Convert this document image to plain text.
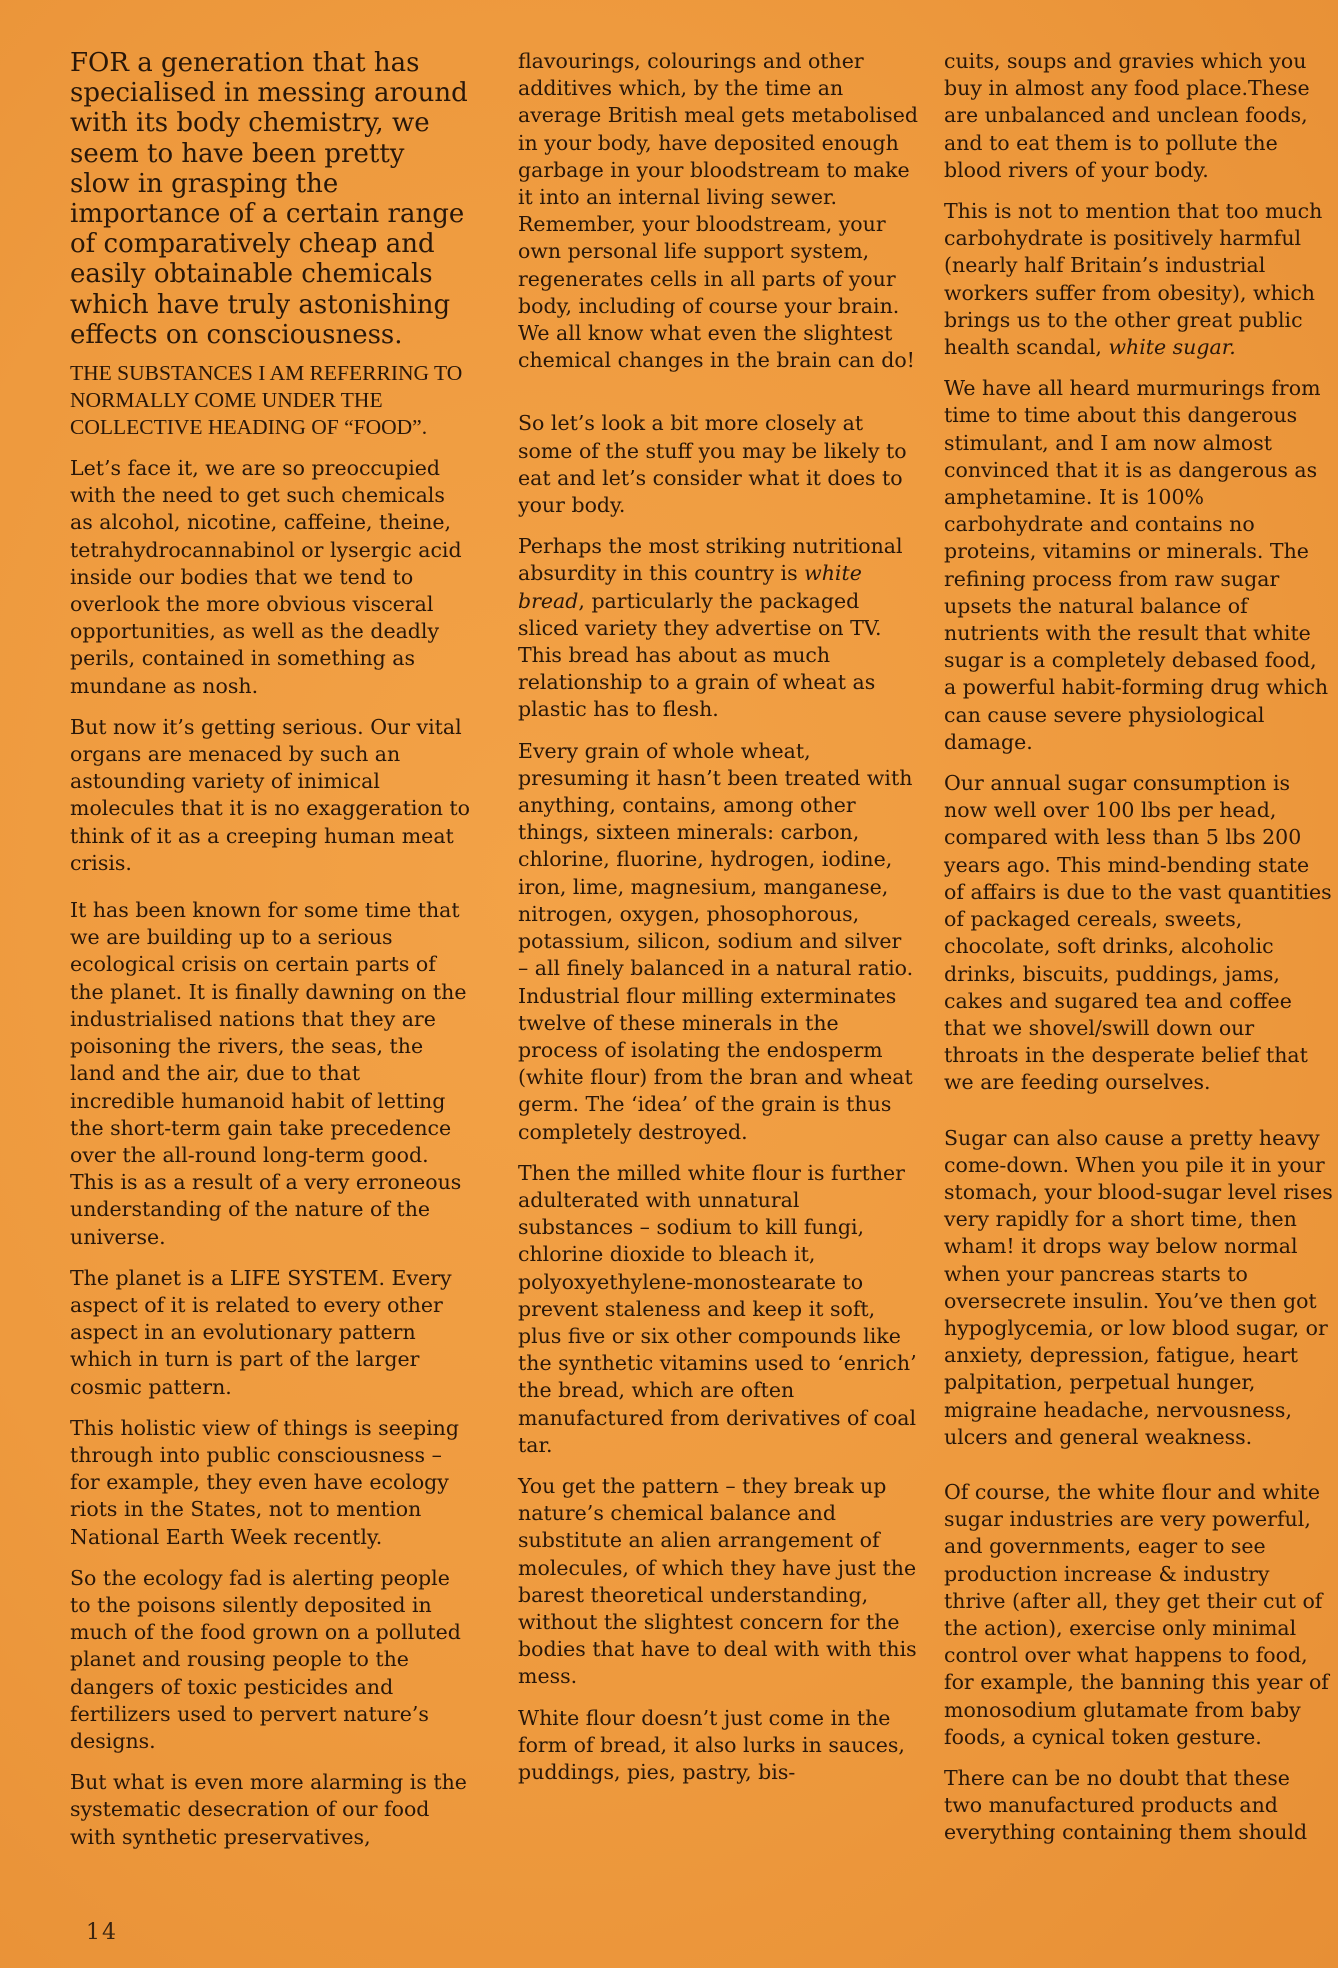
FOR a generation that has specialised in messing around with its body chemistry, we seem to have been pretty slow in grasping the importance of a certain range of comparatively cheap and easily obtainable chemicals which have truly astonishing effects on consciousness.

THE SUBSTANCES I AM REFERRING TO NORMALLY COME UNDER THE COLLECTIVE HEADING OF “FOOD”.

Let’s face it, we are so preoccupied with the need to get such chemicals as alcohol, nicotine, caffeine, theine, tetrahydrocannabinol or lysergic acid inside our bodies that we tend to overlook the more obvious visceral opportunities, as well as the deadly perils, contained in something as mundane as nosh.

But now it’s getting serious. Our vital organs are menaced by such an astounding variety of inimical molecules that it is no exaggeration to think of it as a creeping human meat crisis.

It has been known for some time that we are building up to a serious ecological crisis on certain parts of the planet. It is finally dawning on the industrialised nations that they are poisoning the rivers, the seas, the land and the air, due to that incredible humanoid habit of letting the short-term gain take precedence over the all-round long-term good. This is as a result of a very erroneous understanding of the nature of the universe.

The planet is a LIFE SYSTEM. Every aspect of it is related to every other aspect in an evolutionary pattern which in turn is part of the larger cosmic pattern.

This holistic view of things is seeping through into public consciousness – for example, they even have ecology riots in the States, not to mention National Earth Week recently.

So the ecology fad is alerting people to the poisons silently deposited in much of the food grown on a polluted planet and rousing people to the dangers of toxic pesticides and fertilizers used to pervert nature’s designs.

But what is even more alarming is the systematic desecration of our food with synthetic preservatives,

flavourings, colourings and other additives which, by the time an average British meal gets metabolised in your body, have deposited enough garbage in your bloodstream to make it into an internal living sewer. Remember, your bloodstream, your own personal life support system, regenerates cells in all parts of your body, including of course your brain. We all know what even the slightest chemical changes in the brain can do!

So let’s look a bit more closely at some of the stuff you may be likely to eat and let’s consider what it does to your body.

Perhaps the most striking nutritional absurdity in this country is white bread, particularly the packaged sliced variety they advertise on TV. This bread has about as much relationship to a grain of wheat as plastic has to flesh.

Every grain of whole wheat, presuming it hasn’t been treated with anything, contains, among other things, sixteen minerals: carbon, chlorine, fluorine, hydrogen, iodine, iron, lime, magnesium, manganese, nitrogen, oxygen, phosophorous, potassium, silicon, sodium and silver – all finely balanced in a natural ratio. Industrial flour milling exterminates twelve of these minerals in the process of isolating the endosperm (white flour) from the bran and wheat germ. The ‘idea’ of the grain is thus completely destroyed.

Then the milled white flour is further adulterated with unnatural substances – sodium to kill fungi, chlorine dioxide to bleach it, polyoxyethylene-monostearate to prevent staleness and keep it soft, plus five or six other compounds like the synthetic vitamins used to ‘enrich’ the bread, which are often manufactured from derivatives of coal tar.

You get the pattern – they break up nature’s chemical balance and substitute an alien arrangement of molecules, of which they have just the barest theoretical understanding, without the slightest concern for the bodies that have to deal with with this mess.

White flour doesn’t just come in the form of bread, it also lurks in sauces, puddings, pies, pastry, bis-

cuits, soups and gravies which you buy in almost any food place.These are unbalanced and unclean foods, and to eat them is to pollute the blood rivers of your body.

This is not to mention that too much carbohydrate is positively harmful (nearly half Britain’s industrial workers suffer from obesity), which brings us to the other great public health scandal, white sugar.

We have all heard murmurings from time to time about this dangerous stimulant, and I am now almost convinced that it is as dangerous as amphetamine. It is 100% carbohydrate and contains no proteins, vitamins or minerals. The refining process from raw sugar upsets the natural balance of nutrients with the result that white sugar is a completely debased food, a powerful habit-forming drug which can cause severe physiological damage.

Our annual sugar consumption is now well over 100 lbs per head, compared with less than 5 lbs 200 years ago. This mind-bending state of affairs is due to the vast quantities of packaged cereals, sweets, chocolate, soft drinks, alcoholic drinks, biscuits, puddings, jams, cakes and sugared tea and coffee that we shovel/swill down our throats in the desperate belief that we are feeding ourselves.

Sugar can also cause a pretty heavy come-down. When you pile it in your stomach, your blood-sugar level rises very rapidly for a short time, then wham! it drops way below normal when your pancreas starts to oversecrete insulin. You’ve then got hypoglycemia, or low blood sugar, or anxiety, depression, fatigue, heart palpitation, perpetual hunger, migraine headache, nervousness, ulcers and general weakness.

Of course, the white flour and white sugar industries are very powerful, and governments, eager to see production increase & industry thrive (after all, they get their cut of the action), exercise only minimal control over what happens to food, for example, the banning this year of monosodium glutamate from baby foods, a cynical token gesture.

There can be no doubt that these two manufactured products and everything containing them should

14
